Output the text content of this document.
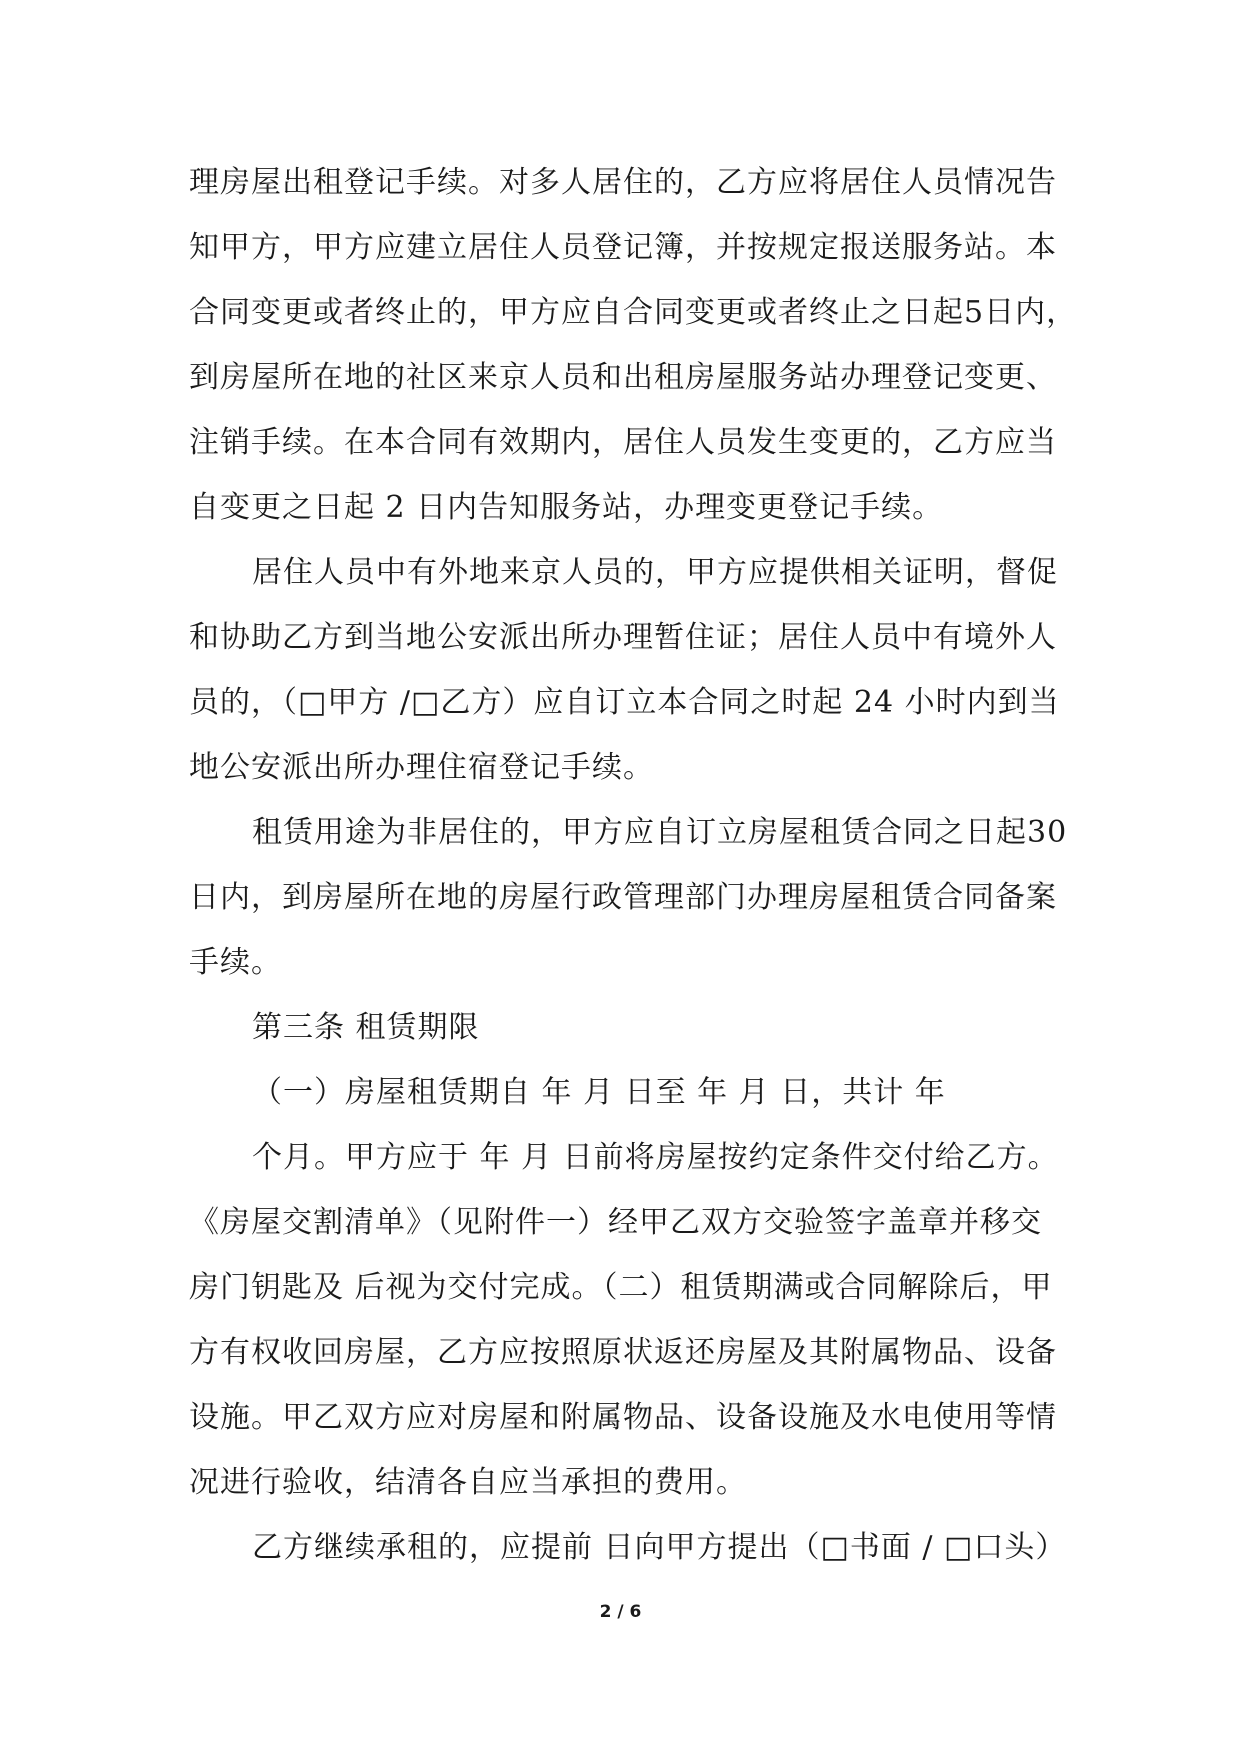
理房屋出租登记手续。对多人居住的，乙方应将居住人员情况告
知甲方，甲方应建立居住人员登记簿，并按规定报送服务站。本
合同变更或者终止的，甲方应自合同变更或者终止之日起5日内，
到房屋所在地的社区来京人员和出租房屋服务站办理登记变更、
注销手续。在本合同有效期内，居住人员发生变更的，乙方应当
自变更之日起 2 日内告知服务站，办理变更登记手续。
居住人员中有外地来京人员的，甲方应提供相关证明，督促
和协助乙方到当地公安派出所办理暂住证；居住人员中有境外人
员的，（□甲方 /□乙方）应自订立本合同之时起 24 小时内到当
地公安派出所办理住宿登记手续。
租赁用途为非居住的，甲方应自订立房屋租赁合同之日起30
日内，到房屋所在地的房屋行政管理部门办理房屋租赁合同备案
手续。
第三条 租赁期限
（一）房屋租赁期自 年 月 日至 年 月 日，共计 年
个月。甲方应于 年 月 日前将房屋按约定条件交付给乙方。
《房屋交割清单》（见附件一）经甲乙双方交验签字盖章并移交
房门钥匙及 后视为交付完成。（二）租赁期满或合同解除后，甲
方有权收回房屋，乙方应按照原状返还房屋及其附属物品、设备
设施。甲乙双方应对房屋和附属物品、设备设施及水电使用等情
况进行验收，结清各自应当承担的费用。
乙方继续承租的，应提前 日向甲方提出（□书面 / □口头）
2 / 6
